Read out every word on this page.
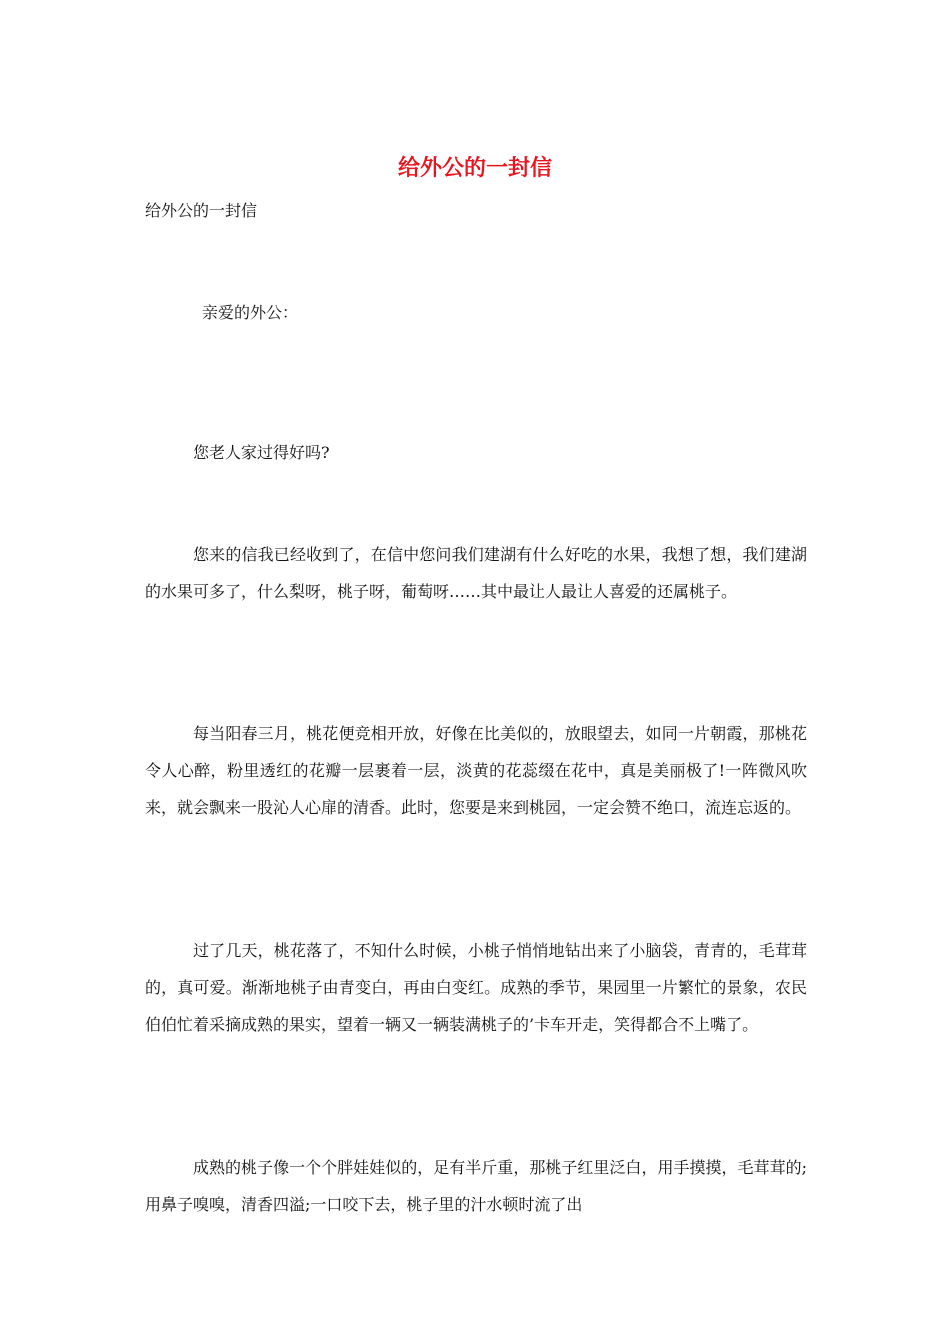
给外公的一封信

给外公的一封信

亲爱的外公：

您老人家过得好吗?

您来的信我已经收到了，在信中您问我们建湖有什么好吃的水果，我想了想，我们建湖的水果可多了，什么梨呀，桃子呀，葡萄呀……其中最让人最让人喜爱的还属桃子。

每当阳春三月，桃花便竞相开放，好像在比美似的，放眼望去，如同一片朝霞，那桃花令人心醉，粉里透红的花瓣一层裹着一层，淡黄的花蕊缀在花中，真是美丽极了!一阵微风吹来，就会飘来一股沁人心扉的清香。此时，您要是来到桃园，一定会赞不绝口，流连忘返的。

过了几天，桃花落了，不知什么时候，小桃子悄悄地钻出来了小脑袋，青青的，毛茸茸的，真可爱。渐渐地桃子由青变白，再由白变红。成熟的季节，果园里一片繁忙的景象，农民伯伯忙着采摘成熟的果实，望着一辆又一辆装满桃子的’卡车开走，笑得都合不上嘴了。

成熟的桃子像一个个胖娃娃似的，足有半斤重，那桃子红里泛白，用手摸摸，毛茸茸的;用鼻子嗅嗅，清香四溢;一口咬下去，桃子里的汁水顿时流了出
